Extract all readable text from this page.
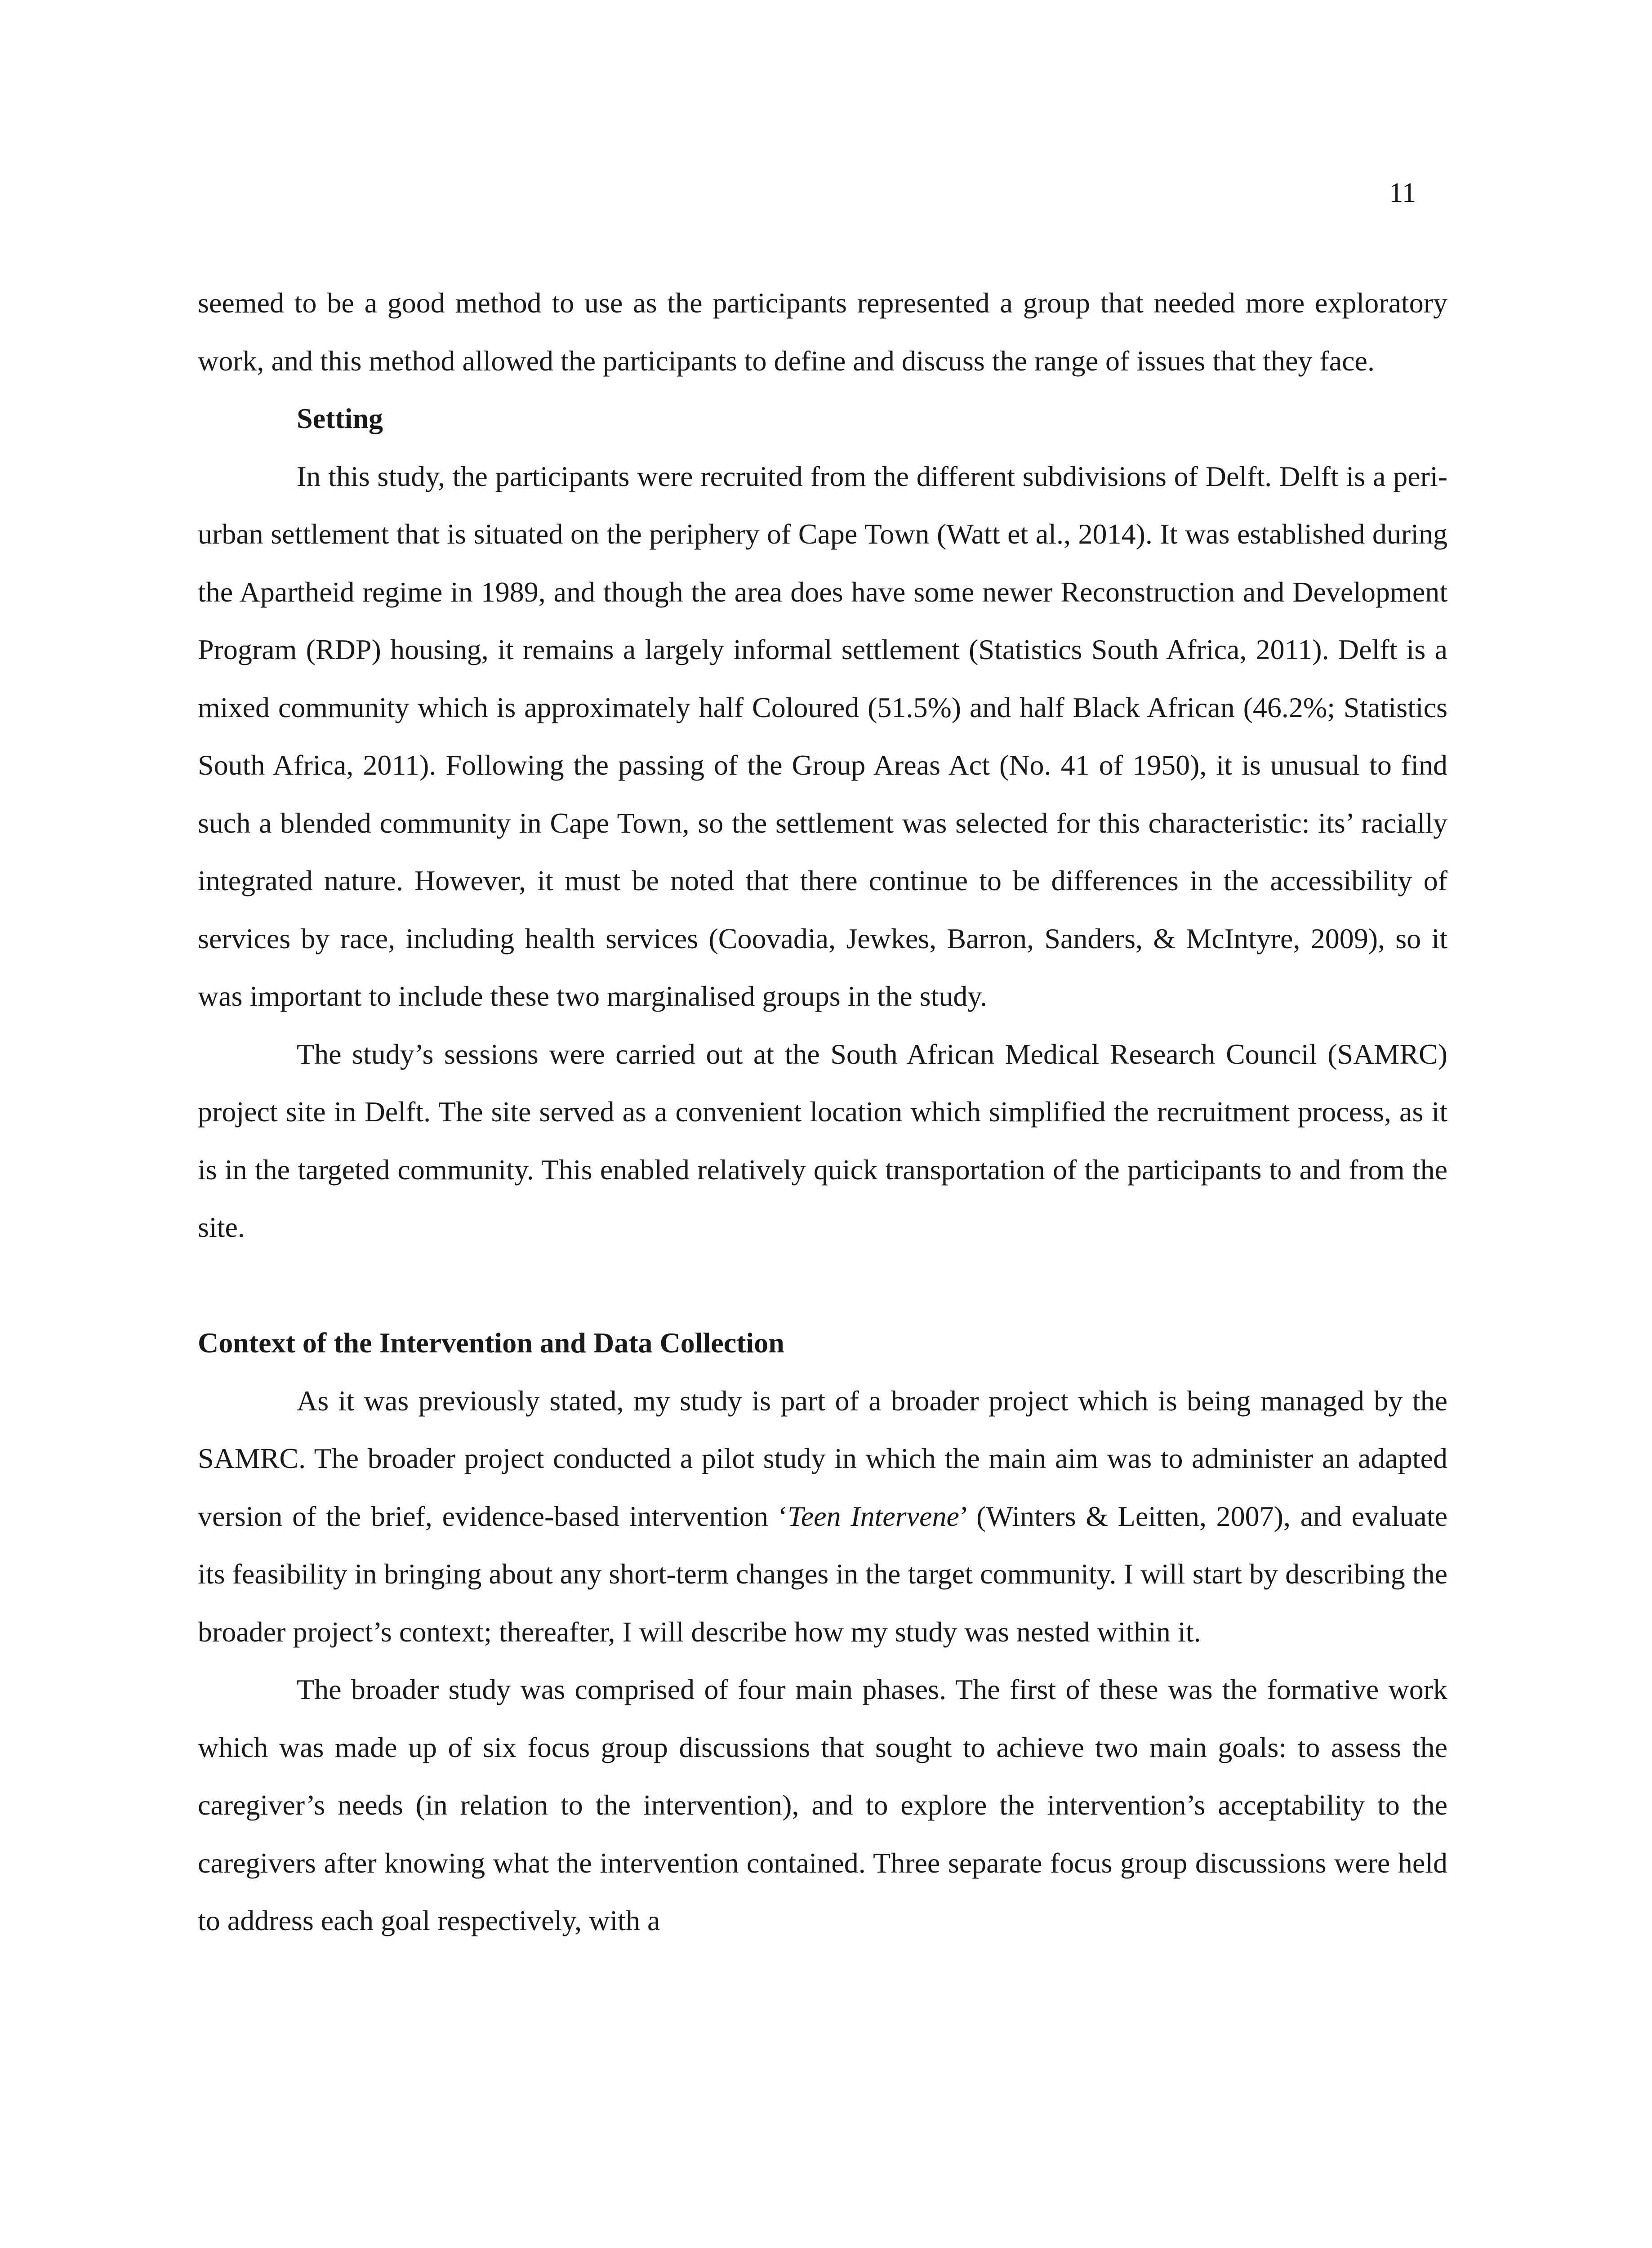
11

seemed to be a good method to use as the participants represented a group that needed more exploratory work, and this method allowed the participants to define and discuss the range of issues that they face.

Setting

In this study, the participants were recruited from the different subdivisions of Delft. Delft is a peri-urban settlement that is situated on the periphery of Cape Town (Watt et al., 2014). It was established during the Apartheid regime in 1989, and though the area does have some newer Reconstruction and Development Program (RDP) housing, it remains a largely informal settlement (Statistics South Africa, 2011). Delft is a mixed community which is approximately half Coloured (51.5%) and half Black African (46.2%; Statistics South Africa, 2011). Following the passing of the Group Areas Act (No. 41 of 1950), it is unusual to find such a blended community in Cape Town, so the settlement was selected for this characteristic: its’ racially integrated nature. However, it must be noted that there continue to be differences in the accessibility of services by race, including health services (Coovadia, Jewkes, Barron, Sanders, & McIntyre, 2009), so it was important to include these two marginalised groups in the study.

The study’s sessions were carried out at the South African Medical Research Council (SAMRC) project site in Delft. The site served as a convenient location which simplified the recruitment process, as it is in the targeted community. This enabled relatively quick transportation of the participants to and from the site.

Context of the Intervention and Data Collection

As it was previously stated, my study is part of a broader project which is being managed by the SAMRC. The broader project conducted a pilot study in which the main aim was to administer an adapted version of the brief, evidence-based intervention ‘Teen Intervene’ (Winters & Leitten, 2007), and evaluate its feasibility in bringing about any short-term changes in the target community. I will start by describing the broader project’s context; thereafter, I will describe how my study was nested within it.

The broader study was comprised of four main phases. The first of these was the formative work which was made up of six focus group discussions that sought to achieve two main goals: to assess the caregiver’s needs (in relation to the intervention), and to explore the intervention’s acceptability to the caregivers after knowing what the intervention contained. Three separate focus group discussions were held to address each goal respectively, with a
